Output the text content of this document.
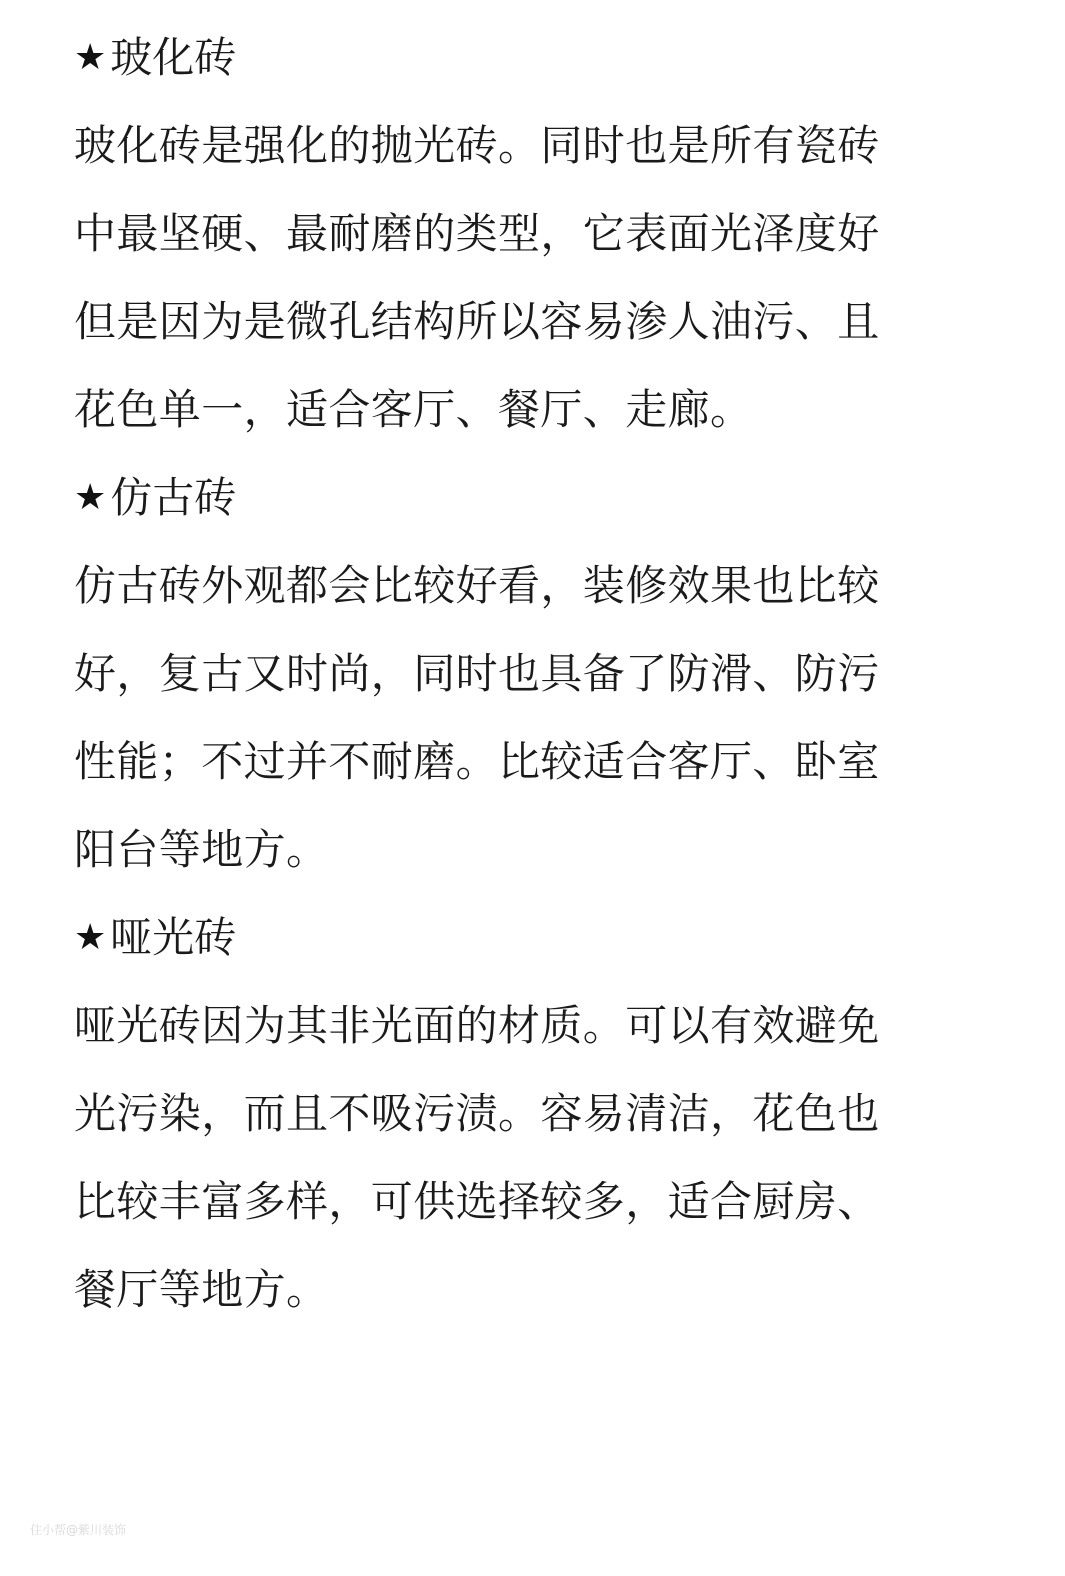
★ 玻化砖

玻化砖是强化的抛光砖。同时也是所有瓷砖
中最坚硬、最耐磨的类型，它表面光泽度好
但是因为是微孔结构所以容易渗人油污、且
花色单一，适合客厅、餐厅、走廊。

★ 仿古砖

仿古砖外观都会比较好看，装修效果也比较
好，复古又时尚，同时也具备了防滑、防污
性能；不过并不耐磨。比较适合客厅、卧室
阳台等地方。

★ 哑光砖

哑光砖因为其非光面的材质。可以有效避免
光污染，而且不吸污渍。容易清洁，花色也
比较丰富多样，可供选择较多，适合厨房、
餐厅等地方。

住小帮@紫川装饰
